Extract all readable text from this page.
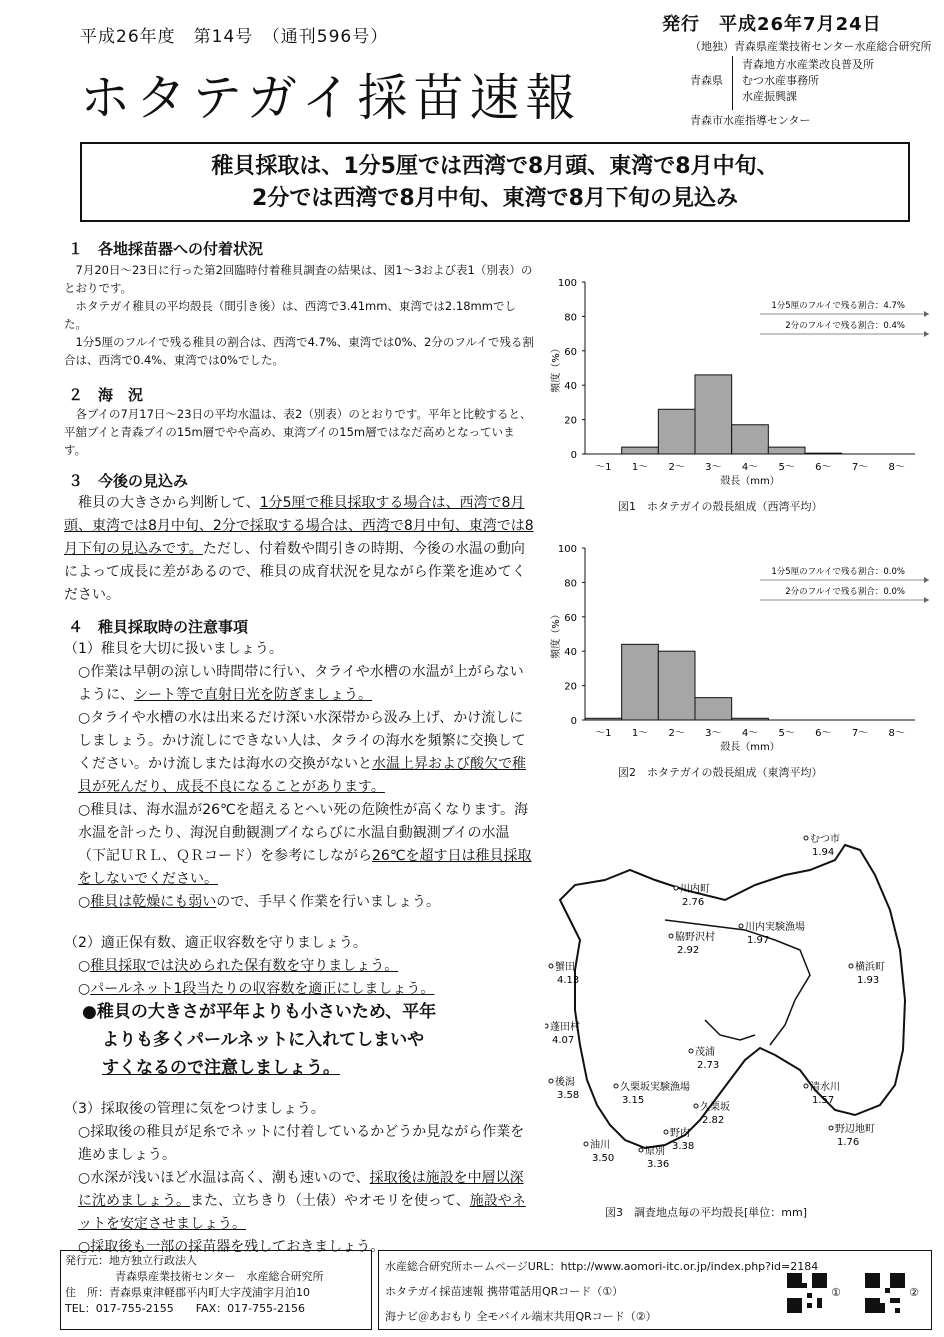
平成26年度　第14号　（通刊596号）
発行　平成26年7月24日
（地独）青森県産業技術センター水産総合研究所
青森県
青森地方水産業改良普及所
むつ水産事務所
水産振興課
青森市水産指導センター
ホタテガイ採苗速報
稚貝採取は、1分5厘では西湾で8月頭、東湾で8月中旬、
2分では西湾で8月中旬、東湾で8月下旬の見込み
１　各地採苗器への付着状況
7月20日～23日に行った第2回臨時付着稚貝調査の結果は、図1～3および表1（別表）のとおりです。
ホタテガイ稚貝の平均殻長（間引き後）は、西湾で3.41mm、東湾では2.18mmでした。
1分5厘のフルイで残る稚貝の割合は、西湾で4.7%、東湾では0%、2分のフルイで残る割合は、西湾で0.4%、東湾では0%でした。
２　海　況
各ブイの7月17日～23日の平均水温は、表2（別表）のとおりです。平年と比較すると、平舘ブイと青森ブイの15m層でやや高め、東湾ブイの15m層ではなだ高めとなっています。
３　今後の見込み
稚貝の大きさから判断して、1分5厘で稚貝採取する場合は、西湾で8月頭、東湾では8月中旬、2分で採取する場合は、西湾で8月中旬、東湾では8月下旬の見込みです。ただし、付着数や間引きの時期、今後の水温の動向によって成長に差があるので、稚貝の成育状況を見ながら作業を進めてください。
４　稚貝採取時の注意事項
（1）稚貝を大切に扱いましょう。
○作業は早朝の涼しい時間帯に行い、タライや水槽の水温が上がらないように、シート等で直射日光を防ぎましょう。
○タライや水槽の水は出来るだけ深い水深帯から汲み上げ、かけ流しにしましょう。かけ流しにできない人は、タライの海水を頻繁に交換してください。かけ流しまたは海水の交換がないと水温上昇および酸欠で稚貝が死んだり、成長不良になることがあります。
○稚貝は、海水温が26℃を超えるとへい死の危険性が高くなります。海水温を計ったり、海況自動観測ブイならびに水温自動観測ブイの水温（下記ＵＲＬ、ＱＲコード）を参考にしながら26℃を超す日は稚貝採取をしないでください。
○稚貝は乾燥にも弱いので、手早く作業を行いましょう。
（2）適正保有数、適正収容数を守りましょう。
○稚貝採取では決められた保有数を守りましょう。
○パールネット1段当たりの収容数を適正にしましょう。
●稚貝の大きさが平年よりも小さいため、平年
よりも多くパールネットに入れてしまいや
すくなるので注意しましょう。
（3）採取後の管理に気をつけましょう。
○採取後の稚貝が足糸でネットに付着しているかどうか見ながら作業を進めましょう。
○水深が浅いほど水温は高く、潮も速いので、採取後は施設を中層以深に沈めましょう。また、立ちきり（土俵）やオモリを使って、施設やネットを安定させましょう。
○採取後も一部の採苗器を残しておきましょう。
0
20
40
60
80
100
～1 1～ 2～ 3～ 4～ 5～ 6～ 7～ 8～
殻長（mm）
頻度（%）
1分5厘のフルイで残る割合：4.7%
2分のフルイで残る割合：0.4%
図1　ホタテガイの殻長組成（西湾平均）
0
20
40
60
80
100
～1 1～ 2～ 3～ 4～ 5～ 6～ 7～ 8～
殻長（mm）
頻度（%）
1分5厘のフルイで残る割合：0.0%
2分のフルイで残る割合：0.0%
図2　ホタテガイの殻長組成（東湾平均）
むつ市
1.94
川内町
2.76
川内実験漁場
1.97
脇野沢村
2.92
蟹田
4.13
横浜町
1.93
蓬田村
4.07
茂浦
2.73
後潟
3.58
久栗坂実験漁場
3.15
清水川
1.57
久栗坂
2.82
野辺地町
1.76
野内
3.38
油川
3.50
原別
3.36
図3　調査地点毎の平均殻長[単位：mm]
発行元：地方独立行政法人
青森県産業技術センター　水産総合研究所
住　所：青森県東津軽郡平内町大字茂浦字月泊10
TEL：017-755-2155　　FAX：017-755-2156
水産総合研究所ホームページURL：http://www.aomori-itc.or.jp/index.php?id=2184
ホタテガイ採苗速報 携帯電話用QRコード（①）
海ナビ＠あおもり 全モバイル端末共用QRコード（②）
①	②
